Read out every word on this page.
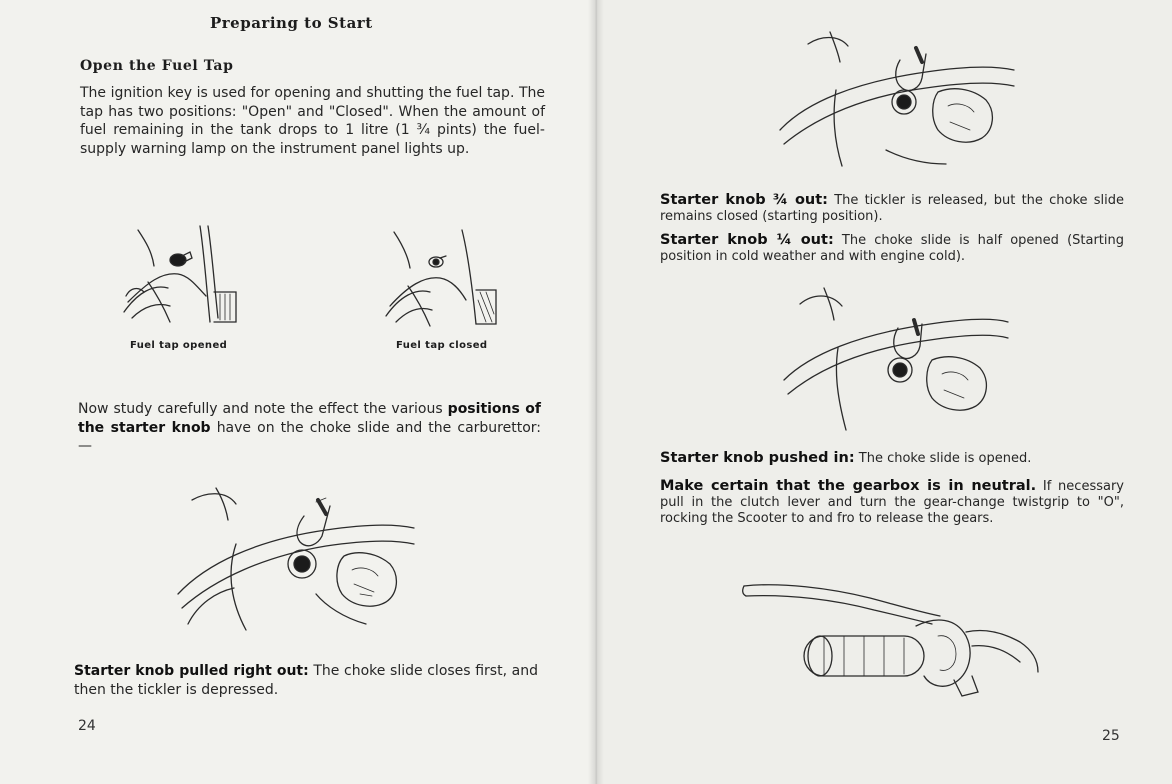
Preparing to Start
Open the Fuel Tap

The ignition key is used for opening and shutting the fuel tap. The tap has two positions: "Open" and "Closed". When the amount of fuel remaining in the tank drops to 1 litre (1 ¾ pints) the fuel-supply warning lamp on the instrument panel lights up.

Fuel tap opened	Fuel tap closed

Now study carefully and note the effect the various positions of the starter knob have on the choke slide and the carburettor: —

Starter knob pulled right out: The choke slide closes first, and then the tickler is depressed.

24

Starter knob ¾ out: The tickler is released, but the choke slide remains closed (starting position).

Starter knob ¼ out: The choke slide is half opened (Starting position in cold weather and with engine cold).

Starter knob pushed in: The choke slide is opened.

Make certain that the gearbox is in neutral. If necessary pull in the clutch lever and turn the gear-change twistgrip to "O", rocking the Scooter to and fro to release the gears.

25
